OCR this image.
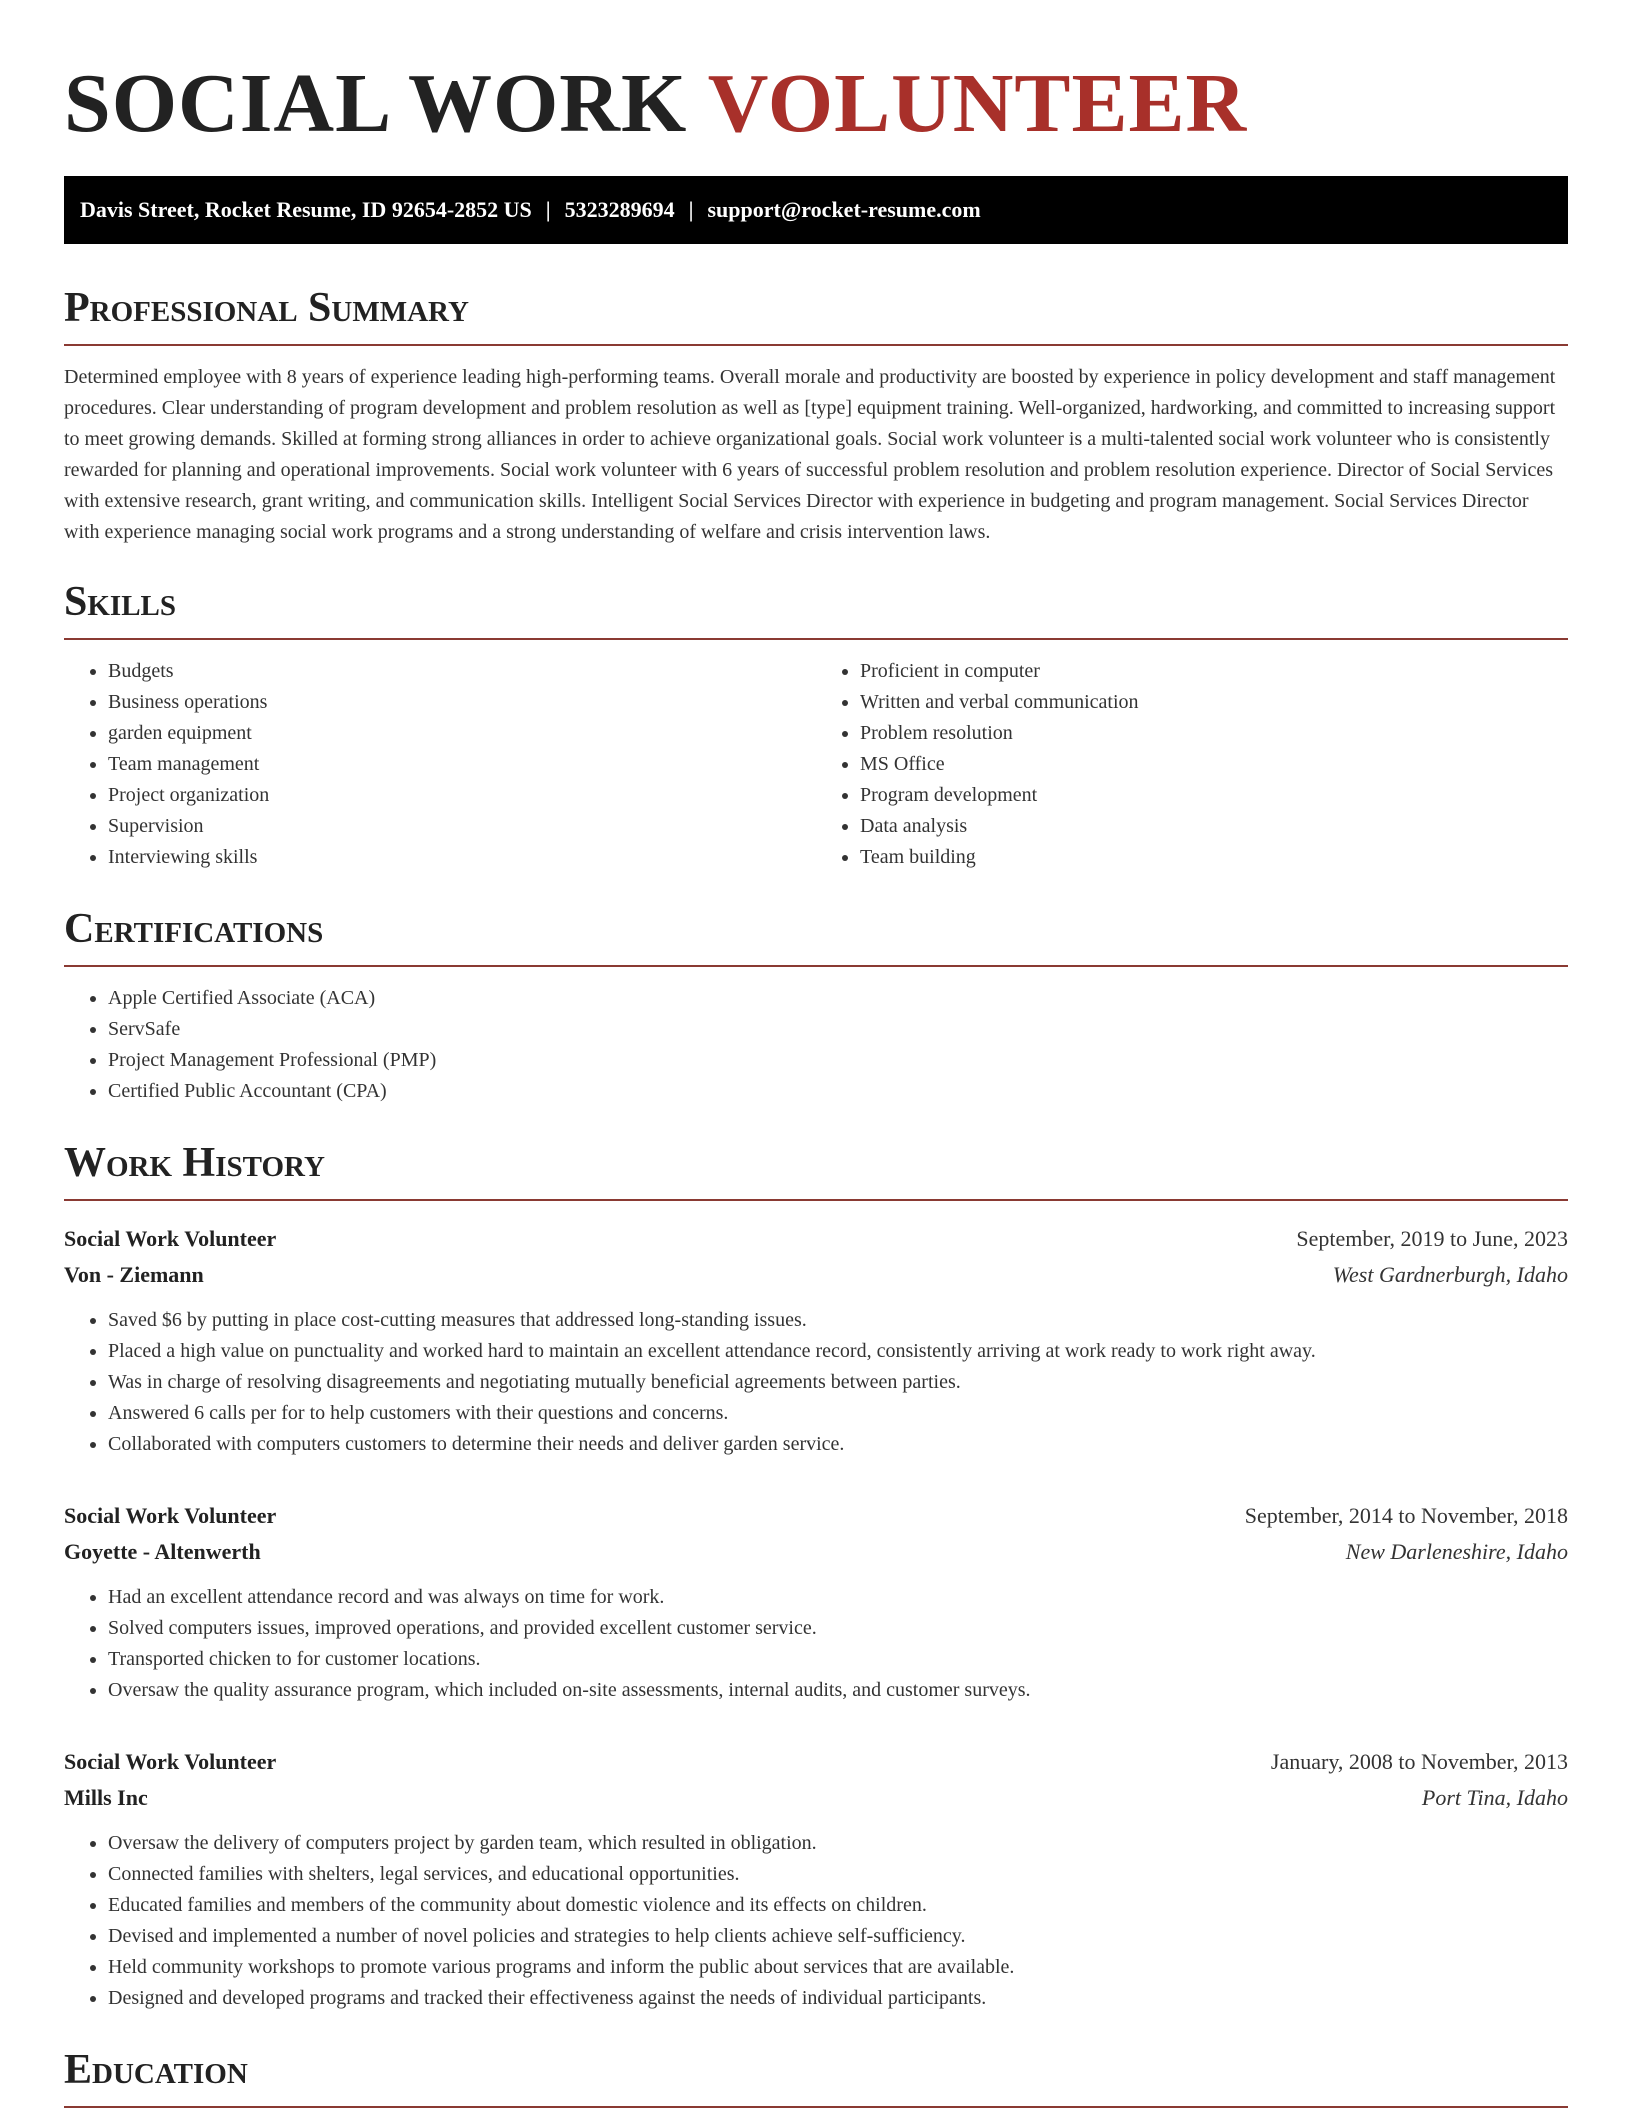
SOCIAL WORK VOLUNTEER
Davis Street, Rocket Resume, ID 92654-2852 US | 5323289694 | support@rocket-resume.com
Professional Summary

Determined employee with 8 years of experience leading high-performing teams. Overall morale and productivity are boosted by experience in policy development and staff management procedures. Clear understanding of program development and problem resolution as well as [type] equipment training. Well-organized, hardworking, and committed to increasing support to meet growing demands. Skilled at forming strong alliances in order to achieve organizational goals. Social work volunteer is a multi-talented social work volunteer who is consistently rewarded for planning and operational improvements. Social work volunteer with 6 years of successful problem resolution and problem resolution experience. Director of Social Services with extensive research, grant writing, and communication skills. Intelligent Social Services Director with experience in budgeting and program management. Social Services Director with experience managing social work programs and a strong understanding of welfare and crisis intervention laws.

Skills
• Budgets
• Business operations
• garden equipment
• Team management
• Project organization
• Supervision
• Interviewing skills
• Proficient in computer
• Written and verbal communication
• Problem resolution
• MS Office
• Program development
• Data analysis
• Team building
Certifications
• Apple Certified Associate (ACA)
• ServSafe
• Project Management Professional (PMP)
• Certified Public Accountant (CPA)
Work History
Social Work Volunteer	September, 2019 to June, 2023
Von - Ziemann	West Gardnerburgh, Idaho
• Saved $6 by putting in place cost-cutting measures that addressed long-standing issues.
• Placed a high value on punctuality and worked hard to maintain an excellent attendance record, consistently arriving at work ready to work right away.
• Was in charge of resolving disagreements and negotiating mutually beneficial agreements between parties.
• Answered 6 calls per for to help customers with their questions and concerns.
• Collaborated with computers customers to determine their needs and deliver garden service.
Social Work Volunteer	September, 2014 to November, 2018
Goyette - Altenwerth	New Darleneshire, Idaho
• Had an excellent attendance record and was always on time for work.
• Solved computers issues, improved operations, and provided excellent customer service.
• Transported chicken to for customer locations.
• Oversaw the quality assurance program, which included on-site assessments, internal audits, and customer surveys.
Social Work Volunteer	January, 2008 to November, 2013
Mills Inc	Port Tina, Idaho
• Oversaw the delivery of computers project by garden team, which resulted in obligation.
• Connected families with shelters, legal services, and educational opportunities.
• Educated families and members of the community about domestic violence and its effects on children.
• Devised and implemented a number of novel policies and strategies to help clients achieve self-sufficiency.
• Held community workshops to promote various programs and inform the public about services that are available.
• Designed and developed programs and tracked their effectiveness against the needs of individual participants.
Education
